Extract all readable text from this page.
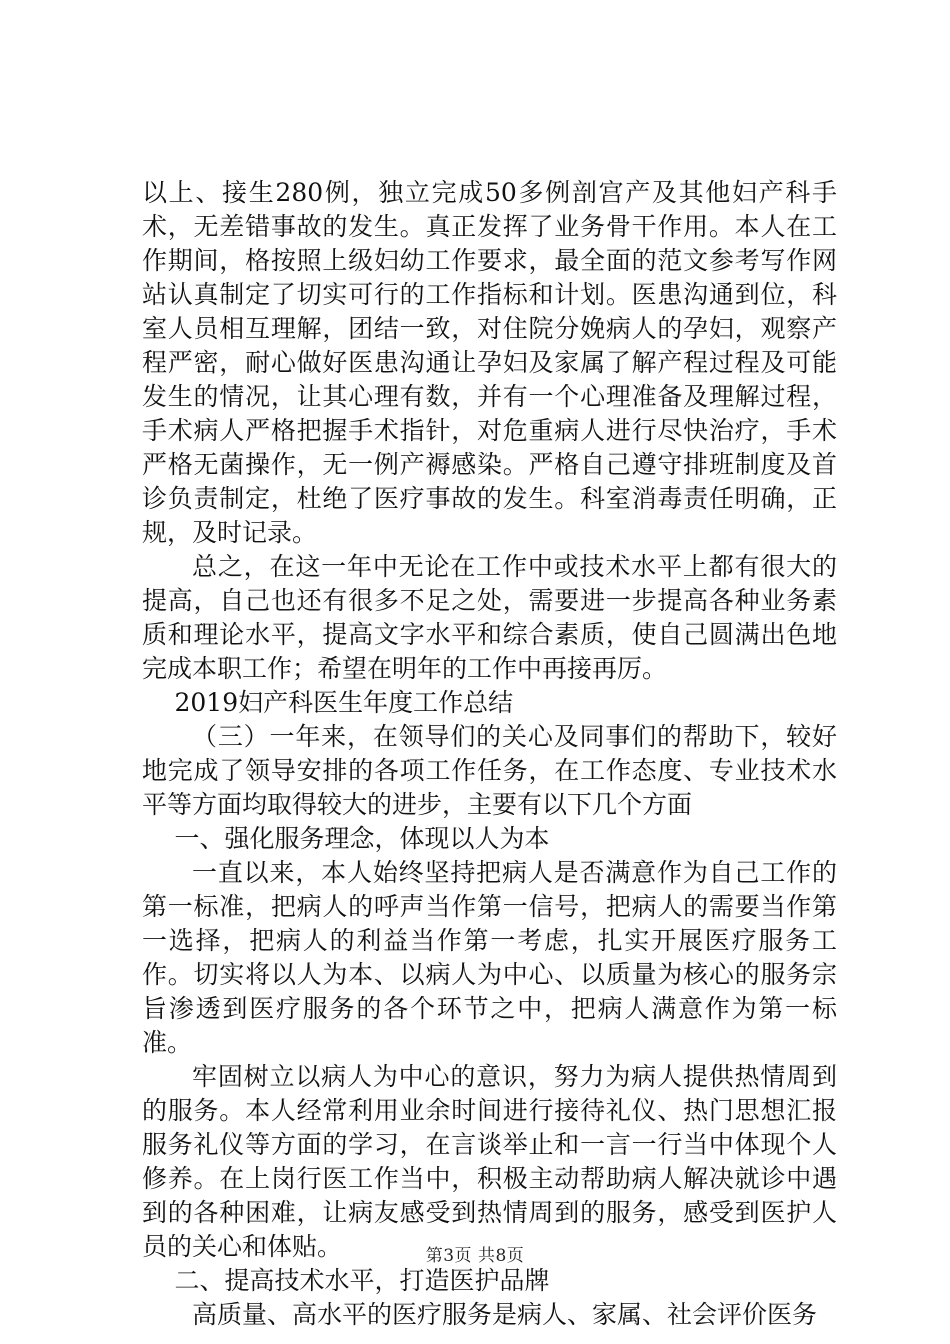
以上、接生280例，独立完成50多例剖宫产及其他妇产科手术，无差错事故的发生。真正发挥了业务骨干作用。本人在工作期间，格按照上级妇幼工作要求，最全面的范文参考写作网站认真制定了切实可行的工作指标和计划。医患沟通到位，科室人员相互理解，团结一致，对住院分娩病人的孕妇，观察产程严密，耐心做好医患沟通让孕妇及家属了解产程过程及可能发生的情况，让其心理有数，并有一个心理准备及理解过程，手术病人严格把握手术指针，对危重病人进行尽快治疗，手术严格无菌操作，无一例产褥感染。严格自己遵守排班制度及首诊负责制定，杜绝了医疗事故的发生。科室消毒责任明确，正规，及时记录。

总之，在这一年中无论在工作中或技术水平上都有很大的提高，自己也还有很多不足之处，需要进一步提高各种业务素质和理论水平，提高文字水平和综合素质，使自己圆满出色地完成本职工作；希望在明年的工作中再接再厉。

2019妇产科医生年度工作总结

（三）一年来，在领导们的关心及同事们的帮助下，较好地完成了领导安排的各项工作任务，在工作态度、专业技术水平等方面均取得较大的进步，主要有以下几个方面

一、强化服务理念，体现以人为本

一直以来，本人始终坚持把病人是否满意作为自己工作的第一标准，把病人的呼声当作第一信号，把病人的需要当作第一选择，把病人的利益当作第一考虑，扎实开展医疗服务工作。切实将以人为本、以病人为中心、以质量为核心的服务宗旨渗透到医疗服务的各个环节之中，把病人满意作为第一标准。

牢固树立以病人为中心的意识，努力为病人提供热情周到的服务。本人经常利用业余时间进行接待礼仪、热门思想汇报服务礼仪等方面的学习，在言谈举止和一言一行当中体现个人修养。在上岗行医工作当中，积极主动帮助病人解决就诊中遇到的各种困难，让病友感受到热情周到的服务，感受到医护人员的关心和体贴。

二、提高技术水平，打造医护品牌

高质量、高水平的医疗服务是病人、家属、社会评价医务

第3页 共8页
